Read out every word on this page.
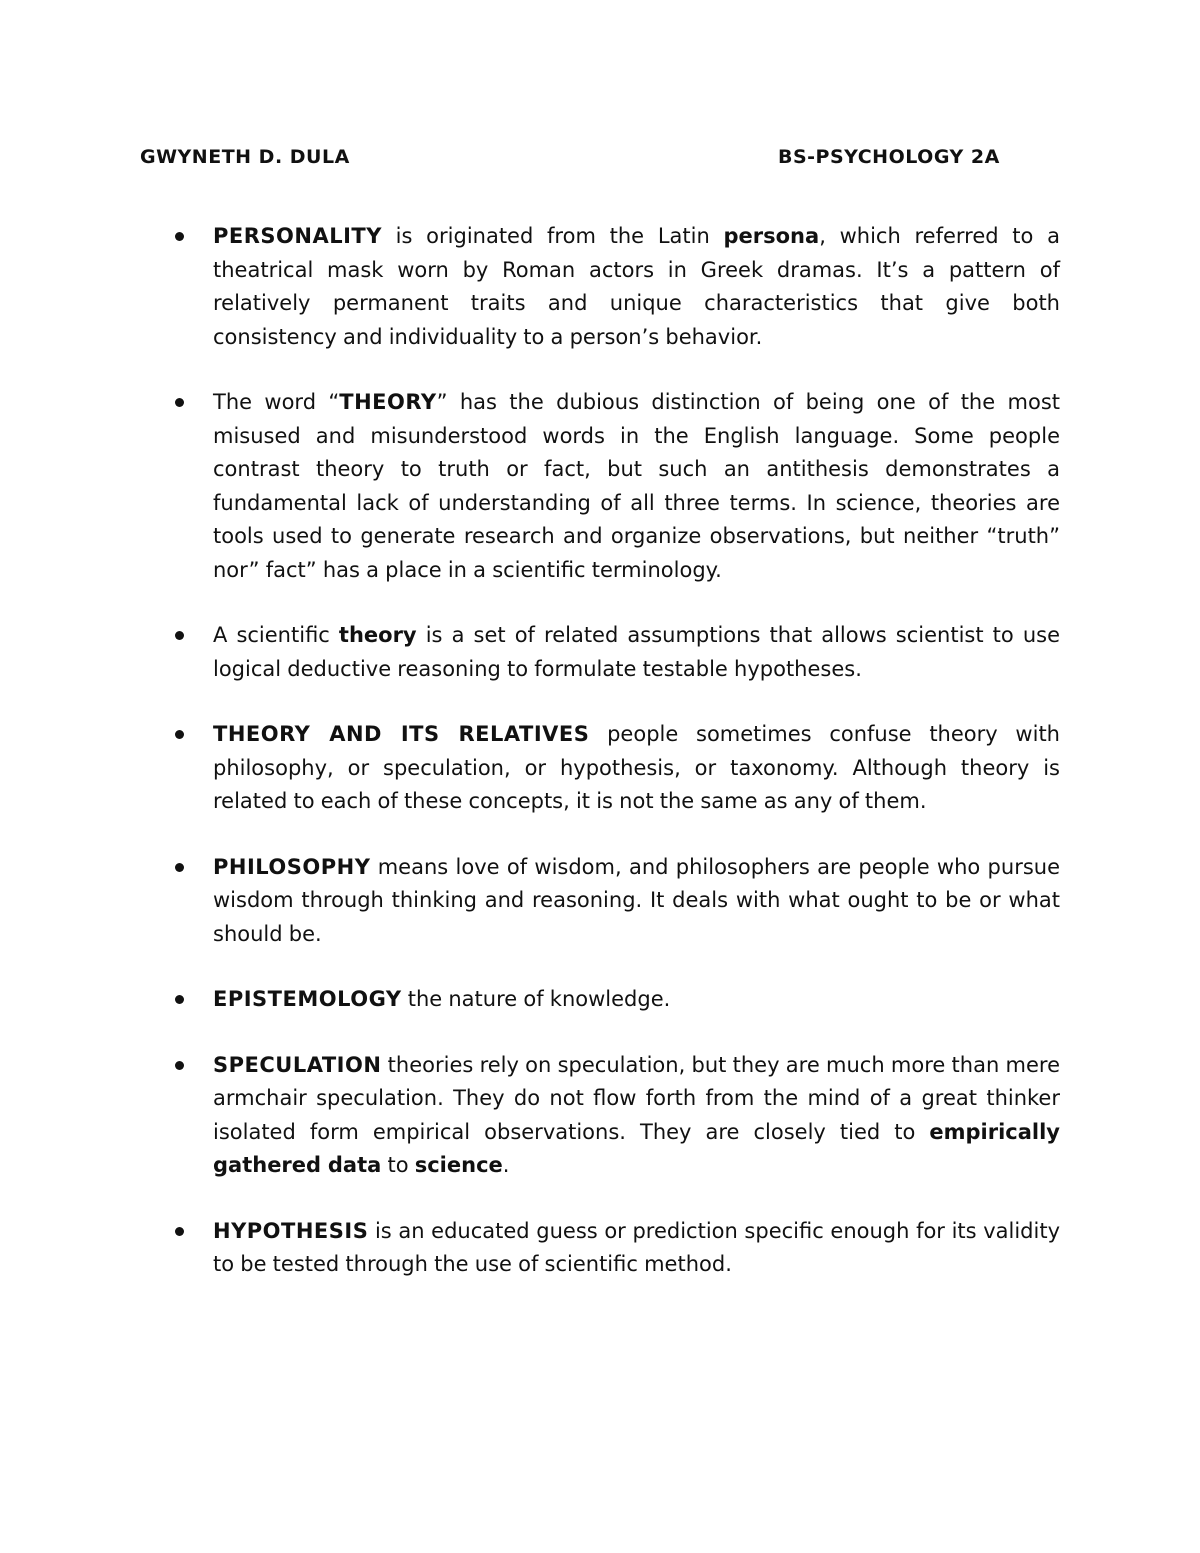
GWYNETH D. DULA	BS-PSYCHOLOGY 2A
PERSONALITY is originated from the Latin persona, which referred to a theatrical mask worn by Roman actors in Greek dramas. It’s a pattern of relatively permanent traits and unique characteristics that give both consistency and individuality to a person’s behavior.
The word “THEORY” has the dubious distinction of being one of the most misused and misunderstood words in the English language. Some people contrast theory to truth or fact, but such an antithesis demonstrates a fundamental lack of understanding of all three terms. In science, theories are tools used to generate research and organize observations, but neither “truth” nor” fact” has a place in a scientific terminology.
A scientific theory is a set of related assumptions that allows scientist to use logical deductive reasoning to formulate testable hypotheses.
THEORY AND ITS RELATIVES people sometimes confuse theory with philosophy, or speculation, or hypothesis, or taxonomy. Although theory is related to each of these concepts, it is not the same as any of them.
PHILOSOPHY means love of wisdom, and philosophers are people who pursue wisdom through thinking and reasoning. It deals with what ought to be or what should be.
EPISTEMOLOGY the nature of knowledge.
SPECULATION theories rely on speculation, but they are much more than mere armchair speculation. They do not flow forth from the mind of a great thinker isolated form empirical observations. They are closely tied to empirically gathered data to science.
HYPOTHESIS is an educated guess or prediction specific enough for its validity to be tested through the use of scientific method.
